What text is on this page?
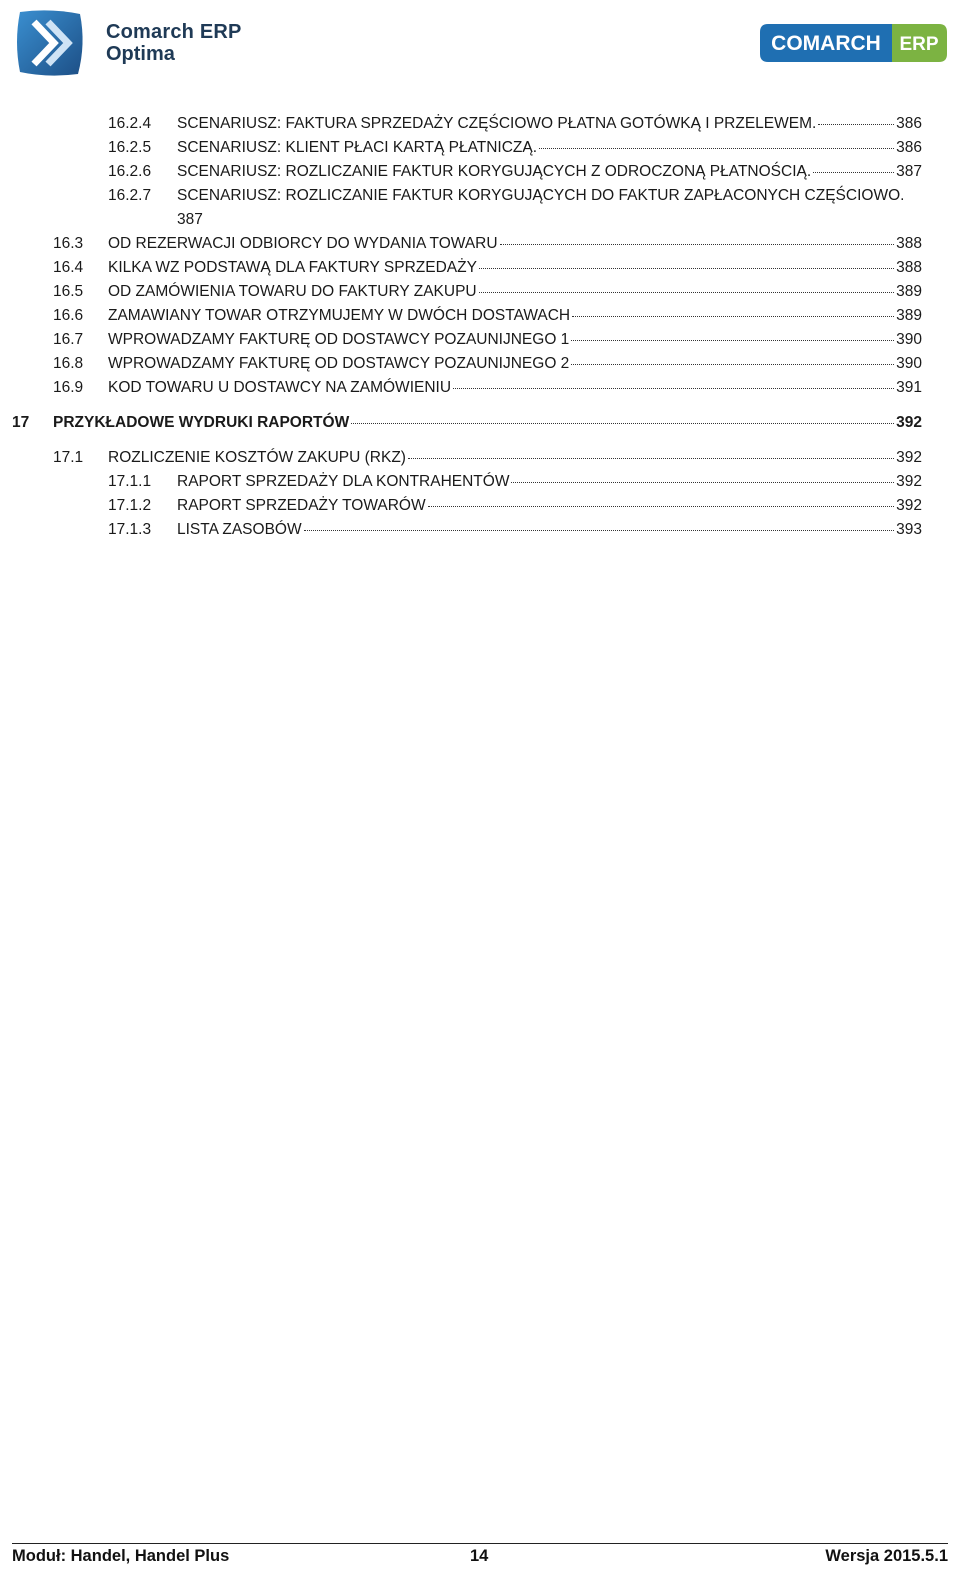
Comarch ERP
Optima	COMARCH ERP
16.2.4	SCENARIUSZ: FAKTURA SPRZEDAŻY CZĘŚCIOWO PŁATNA GOTÓWKĄ I PRZELEWEM.	386
16.2.5	SCENARIUSZ: KLIENT PŁACI KARTĄ PŁATNICZĄ.	386
16.2.6	SCENARIUSZ: ROZLICZANIE FAKTUR KORYGUJĄCYCH Z ODROCZONĄ PŁATNOŚCIĄ.	387
16.2.7	SCENARIUSZ: ROZLICZANIE FAKTUR KORYGUJĄCYCH DO FAKTUR ZAPŁACONYCH CZĘŚCIOWO.
387
16.3	OD REZERWACJI ODBIORCY DO WYDANIA TOWARU	388
16.4	KILKA WZ PODSTAWĄ DLA FAKTURY SPRZEDAŻY	388
16.5	OD ZAMÓWIENIA TOWARU DO FAKTURY ZAKUPU	389
16.6	ZAMAWIANY TOWAR OTRZYMUJEMY W DWÓCH DOSTAWACH	389
16.7	WPROWADZAMY FAKTURĘ OD DOSTAWCY POZAUNIJNEGO 1	390
16.8	WPROWADZAMY FAKTURĘ OD DOSTAWCY POZAUNIJNEGO 2	390
16.9	KOD TOWARU U DOSTAWCY NA ZAMÓWIENIU	391
17	PRZYKŁADOWE WYDRUKI RAPORTÓW	392
17.1	ROZLICZENIE KOSZTÓW ZAKUPU (RKZ)	392
17.1.1	RAPORT SPRZEDAŻY DLA KONTRAHENTÓW	392
17.1.2	RAPORT SPRZEDAŻY TOWARÓW	392
17.1.3	LISTA ZASOBÓW	393
Moduł: Handel, Handel Plus	14	Wersja 2015.5.1
